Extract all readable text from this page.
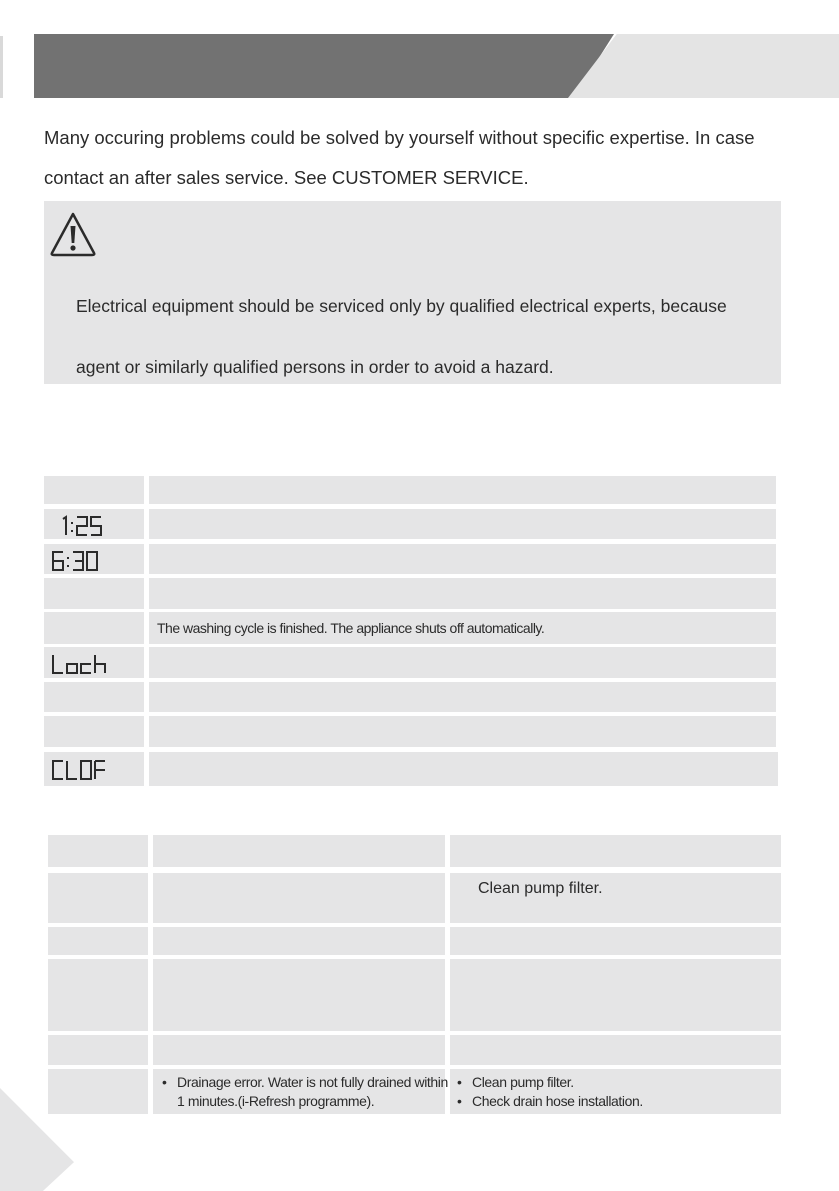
Many occuring problems could be solved by yourself without specific expertise. In case
contact an after sales service. See CUSTOMER SERVICE.
Electrical equipment should be serviced only by qualified electrical experts, because
agent or similarly qualified persons in order to avoid a hazard.
The washing cycle is finished. The appliance shuts off automatically.
Clean pump filter.
• Drainage error. Water is not fully drained within 1 minutes.(i-Refresh programme).
• Clean pump filter.
• Check drain hose installation.
